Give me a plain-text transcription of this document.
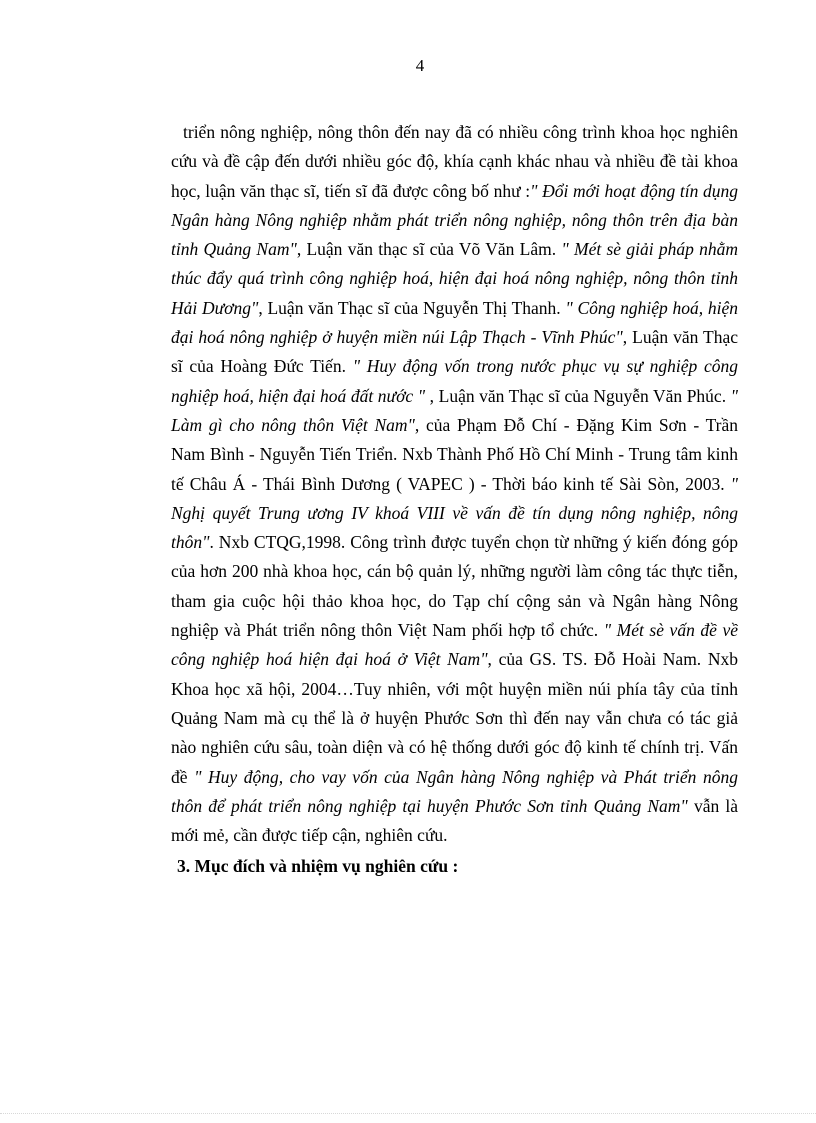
4

triển nông nghiệp, nông thôn đến nay đã có nhiều công trình khoa học nghiên cứu và đề cập đến dưới nhiều góc độ, khía cạnh khác nhau và nhiều đề tài khoa học, luận văn thạc sĩ, tiến sĩ đã được công bố như :" Đổi mới hoạt động tín dụng Ngân hàng Nông nghiệp nhằm phát triển nông nghiệp, nông thôn trên địa bàn tỉnh Quảng Nam", Luận văn thạc sĩ của Võ Văn Lâm. " Mét sè giải pháp nhằm thúc đẩy quá trình công nghiệp hoá, hiện đại hoá nông nghiệp, nông thôn tỉnh Hải Dương", Luận văn Thạc sĩ của Nguyễn Thị Thanh. " Công nghiệp hoá, hiện đại hoá nông nghiệp ở huyện miền núi Lập Thạch - Vĩnh Phúc", Luận văn Thạc sĩ của Hoàng Đức Tiến. " Huy động vốn trong nước phục vụ sự nghiệp công nghiệp hoá, hiện đại hoá đất nước " , Luận văn Thạc sĩ của Nguyễn Văn Phúc. " Làm gì cho nông thôn Việt Nam", của Phạm Đỗ Chí - Đặng Kim Sơn - Trần Nam Bình - Nguyễn Tiến Triển. Nxb Thành Phố Hồ Chí Minh - Trung tâm kinh tế Châu Á - Thái Bình Dương ( VAPEC ) - Thời báo kinh tế Sài Sòn, 2003. " Nghị quyết Trung ương IV khoá VIII về vấn đề tín dụng nông nghiệp, nông thôn". Nxb CTQG,1998. Công trình được tuyển chọn từ những ý kiến đóng góp của hơn 200 nhà khoa học, cán bộ quản lý, những người làm công tác thực tiễn, tham gia cuộc hội thảo khoa học, do Tạp chí cộng sản và Ngân hàng Nông nghiệp và Phát triển nông thôn Việt Nam phối hợp tổ chức. " Mét sè vấn đề về công nghiệp hoá hiện đại hoá ở Việt Nam", của GS. TS. Đỗ Hoài Nam. Nxb Khoa học xã hội, 2004…Tuy nhiên, với một huyện miền núi phía tây của tỉnh Quảng Nam mà cụ thể là ở huyện Phước Sơn thì đến nay vẫn chưa có tác giả nào nghiên cứu sâu, toàn diện và có hệ thống dưới góc độ kinh tế chính trị. Vấn đề " Huy động, cho vay vốn của Ngân hàng Nông nghiệp và Phát triển nông thôn để phát triển nông nghiệp tại huyện Phước Sơn tỉnh Quảng Nam" vẫn là mới mẻ, cần được tiếp cận, nghiên cứu.

3. Mục đích và nhiệm vụ nghiên cứu :
